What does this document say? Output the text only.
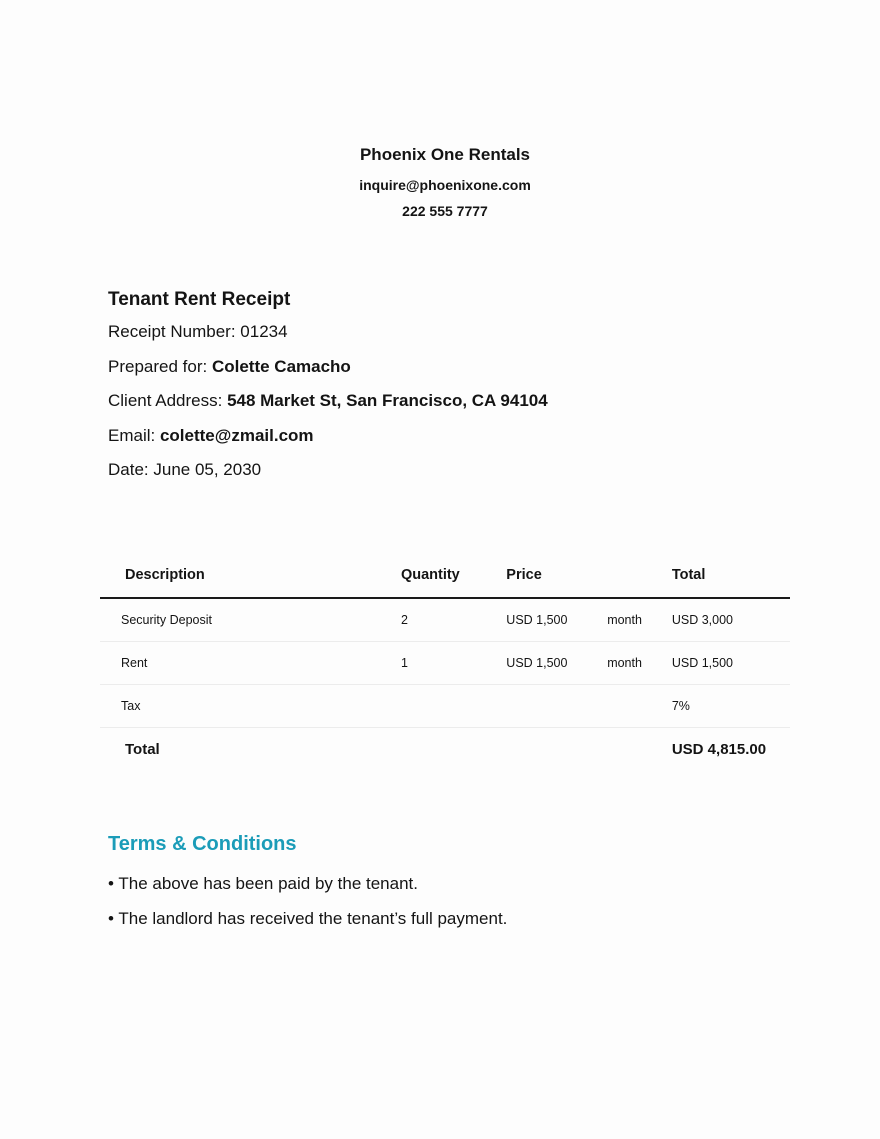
Phoenix One Rentals
inquire@phoenixone.com
222 555 7777
Tenant Rent Receipt
Receipt Number: 01234
Prepared for: Colette Camacho
Client Address: 548 Market St, San Francisco, CA 94104
Email: colette@zmail.com
Date: June 05, 2030
Description	Quantity	Price		Total
Security Deposit	2	USD 1,500	month	USD 3,000
Rent	1	USD 1,500	month	USD 1,500
Tax				7%
Total				USD 4,815.00
Terms & Conditions
• The above has been paid by the tenant.
• The landlord has received the tenant’s full payment.
